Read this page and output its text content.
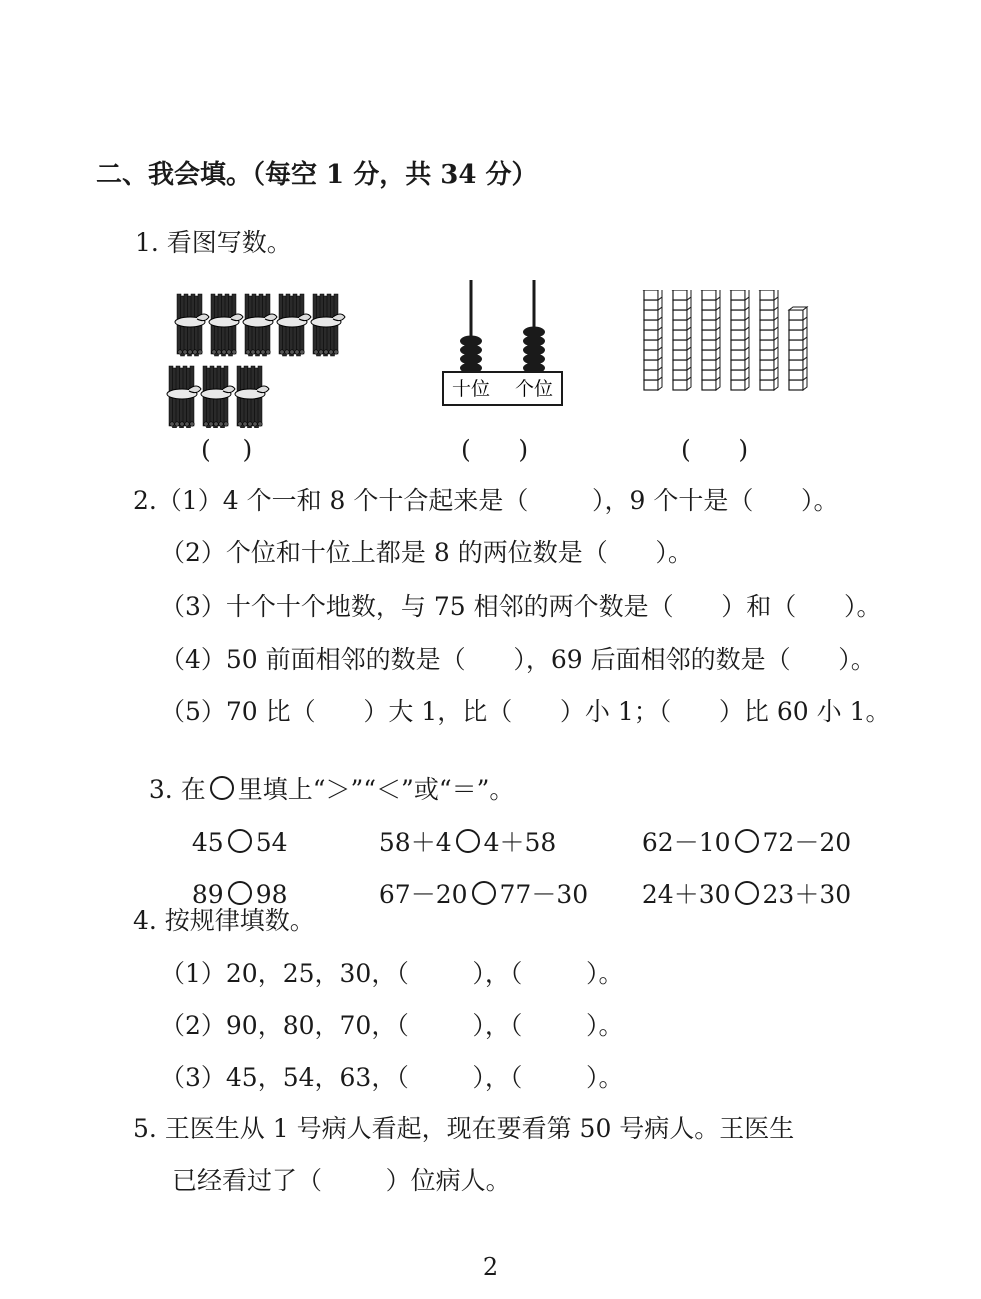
二、我会填。（每空 1 分，共 34 分）
1. 看图写数。
十位 个位
(    )	(      )	(      )
2.（1）4 个一和 8 个十合起来是（        ），9 个十是（      ）。
（2）个位和十位上都是 8 的两位数是（      ）。
（3）十个十个地数，与 75 相邻的两个数是（      ）和（      ）。
（4）50 前面相邻的数是（      ），69 后面相邻的数是（      ）。
（5）70 比（      ）大 1，比（      ）小 1；（      ）比 60 小 1。

3. 在 里填上“＞”“＜”或“＝”。

45 54	58＋4 4＋58	62－10 72－20

89 98	67－20 77－30	24＋30 23＋30

4. 按规律填数。
（1）20，25，30，（        ），（        ）。
（2）90，80，70，（        ），（        ）。
（3）45，54，63，（        ），（        ）。
5. 王医生从 1 号病人看起，现在要看第 50 号病人。王医生
已经看过了（        ）位病人。
2
